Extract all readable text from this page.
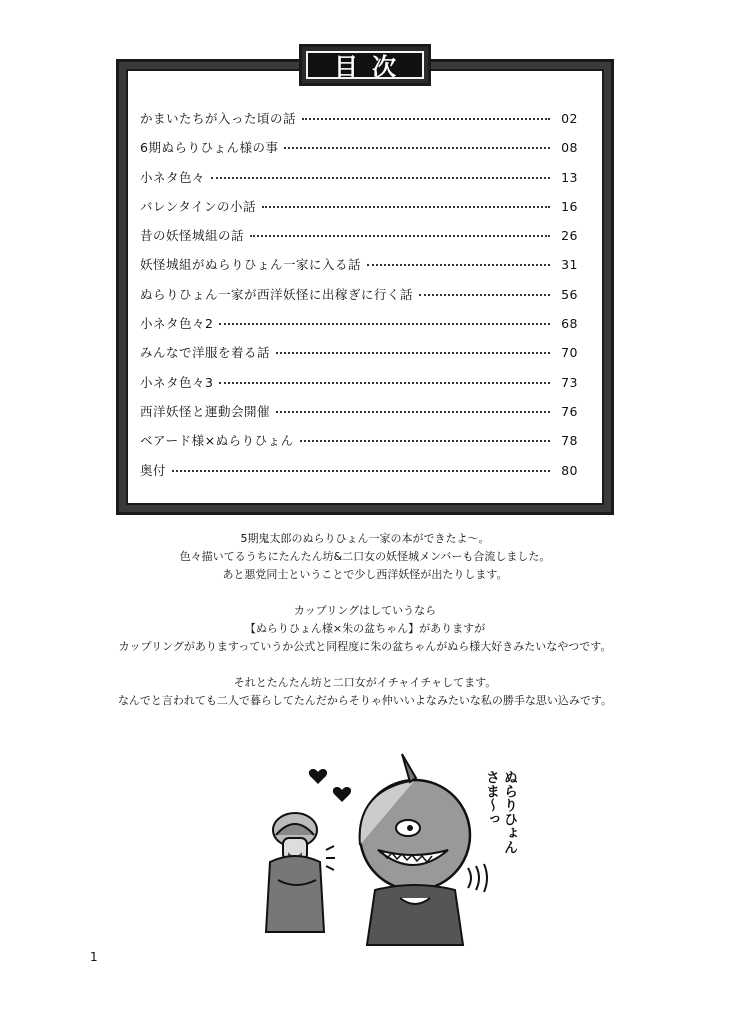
かまいたちが入った頃の話	02
6期ぬらりひょん様の事	08
小ネタ色々	13
バレンタインの小話	16
昔の妖怪城組の話	26
妖怪城組がぬらりひょん一家に入る話	31
ぬらりひょん一家が西洋妖怪に出稼ぎに行く話	56
小ネタ色々2	68
みんなで洋服を着る話	70
小ネタ色々3	73
西洋妖怪と運動会開催	76
ベアード様×ぬらりひょん	78
奥付	80
目次

5期鬼太郎のぬらりひょん一家の本ができたよ〜。

色々描いてるうちにたんたん坊&二口女の妖怪城メンバーも合流しました。

あと悪党同士ということで少し西洋妖怪が出たりします。

カップリングはしていうなら

【ぬらりひょん様×朱の盆ちゃん】がありますが

カップリングがありますっていうか公式と同程度に朱の盆ちゃんがぬら様大好きみたいなやつです。

それとたんたん坊と二口女がイチャイチャしてます。

なんでと言われても二人で暮らしてたんだからそりゃ仲いいよなみたいな私の勝手な思い込みです。

ぬらりひょん
さま〜っ
1
